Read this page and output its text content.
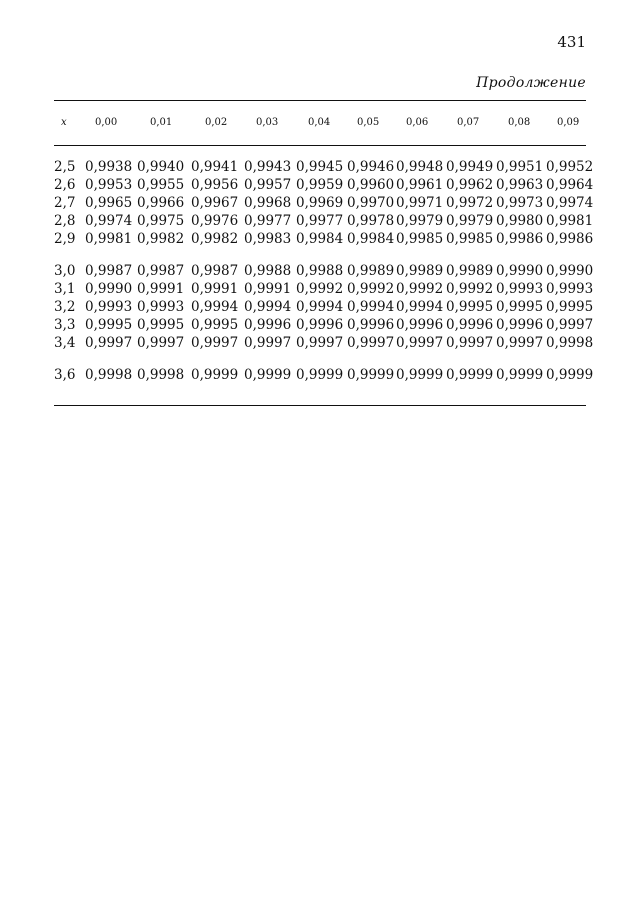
431
Продолжение
x	0,00	0,01	0,02	0,03	0,04	0,05	0,06	0,07	0,08	0,09
2,5 0,9938 0,9940 0,9941 0,9943 0,9945 0,9946 0,9948 0,9949 0,9951 0,9952
2,6 0,9953 0,9955 0,9956 0,9957 0,9959 0,9960 0,9961 0,9962 0,9963 0,9964
2,7 0,9965 0,9966 0,9967 0,9968 0,9969 0,9970 0,9971 0,9972 0,9973 0,9974
2,8 0,9974 0,9975 0,9976 0,9977 0,9977 0,9978 0,9979 0,9979 0,9980 0,9981
2,9 0,9981 0,9982 0,9982 0,9983 0,9984 0,9984 0,9985 0,9985 0,9986 0,9986
3,0 0,9987 0,9987 0,9987 0,9988 0,9988 0,9989 0,9989 0,9989 0,9990 0,9990
3,1 0,9990 0,9991 0,9991 0,9991 0,9992 0,9992 0,9992 0,9992 0,9993 0,9993
3,2 0,9993 0,9993 0,9994 0,9994 0,9994 0,9994 0,9994 0,9995 0,9995 0,9995
3,3 0,9995 0,9995 0,9995 0,9996 0,9996 0,9996 0,9996 0,9996 0,9996 0,9997
3,4 0,9997 0,9997 0,9997 0,9997 0,9997 0,9997 0,9997 0,9997 0,9997 0,9998
3,6 0,9998 0,9998 0,9999 0,9999 0,9999 0,9999 0,9999 0,9999 0,9999 0,9999
